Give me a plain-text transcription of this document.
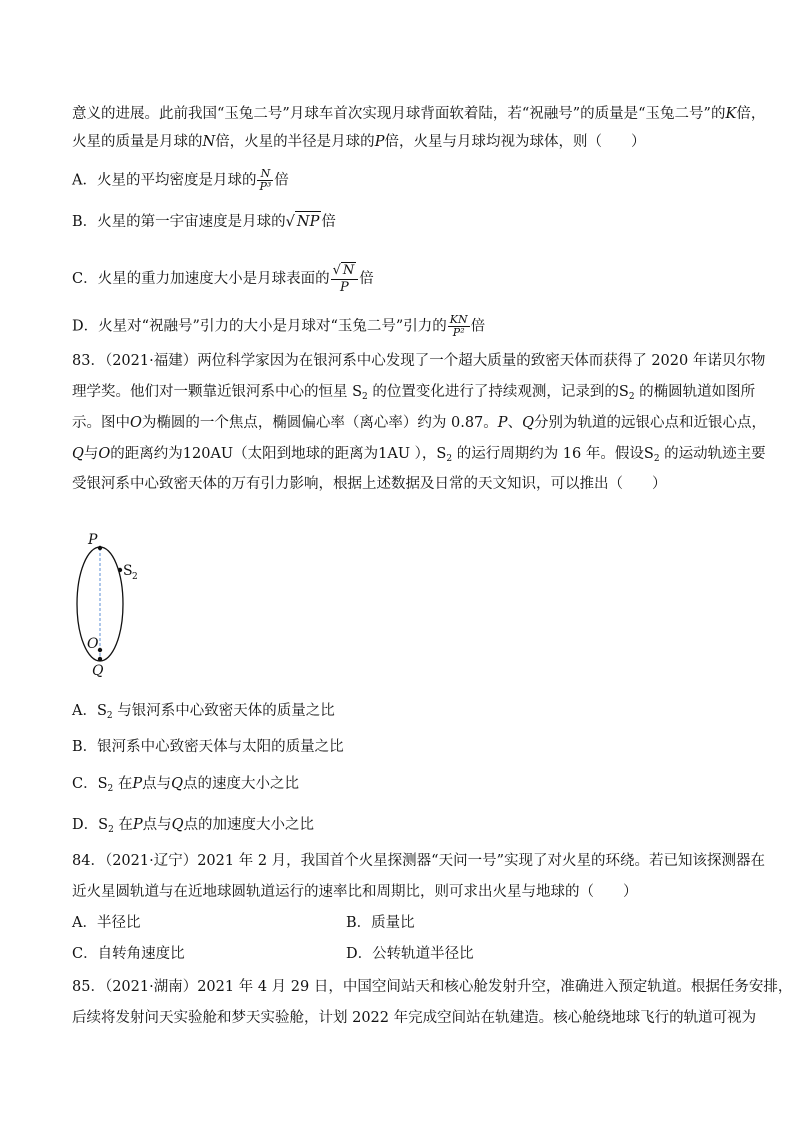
意义的进展。此前我国“玉兔二号”月球车首次实现月球背面软着陆，若“祝融号”的质量是“玉兔二号”的K倍，
火星的质量是月球的N倍，火星的半径是月球的P倍，火星与月球均视为球体，则（　　）
A．火星的平均密度是月球的 $\frac{N}{\text{P³}}$ 倍
B．火星的第一宇宙速度是月球的√ NP 倍
C．火星的重力加速度大小是月球表面的 $\frac{√ N}{P}$ 倍
D．火星对“祝融号”引力的大小是月球对“玉兔二号”引力的 $\frac{KN}{\text{P²}}$ 倍
83．（2021·福建）两位科学家因为在银河系中心发现了一个超大质量的致密天体而获得了 2020 年诺贝尔物
理学奖。他们对一颗靠近银河系中心的恒星 $S_2$ 的位置变化进行了持续观测，记录到的$S_2$ 的椭圆轨道如图所
示。图中O为椭圆的一个焦点，椭圆偏心率（离心率）约为 0.87。P、Q分别为轨道的远银心点和近银心点，
Q与O的距离约为120AU（太阳到地球的距离为1AU ），$S_2$ 的运行周期约为 16 年。假设$S_2$ 的运动轨迹主要
受银河系中心致密天体的万有引力影响，根据上述数据及日常的天文知识，可以推出（　　）
P
S 2
O
Q
A．$S_2$ 与银河系中心致密天体的质量之比
B．银河系中心致密天体与太阳的质量之比
C．$S_2$ 在P点与Q点的速度大小之比
D．$S_2$ 在P点与Q点的加速度大小之比
84．（2021·辽宁）2021 年 2 月，我国首个火星探测器“天问一号”实现了对火星的环绕。若已知该探测器在
近火星圆轨道与在近地球圆轨道运行的速率比和周期比，则可求出火星与地球的（　　）
A．半径比	B．质量比
C．自转角速度比	D．公转轨道半径比
85．（2021·湖南）2021 年 4 月 29 日，中国空间站天和核心舱发射升空，准确进入预定轨道。根据任务安排，
后续将发射问天实验舱和梦天实验舱，计划 2022 年完成空间站在轨建造。核心舱绕地球飞行的轨道可视为
